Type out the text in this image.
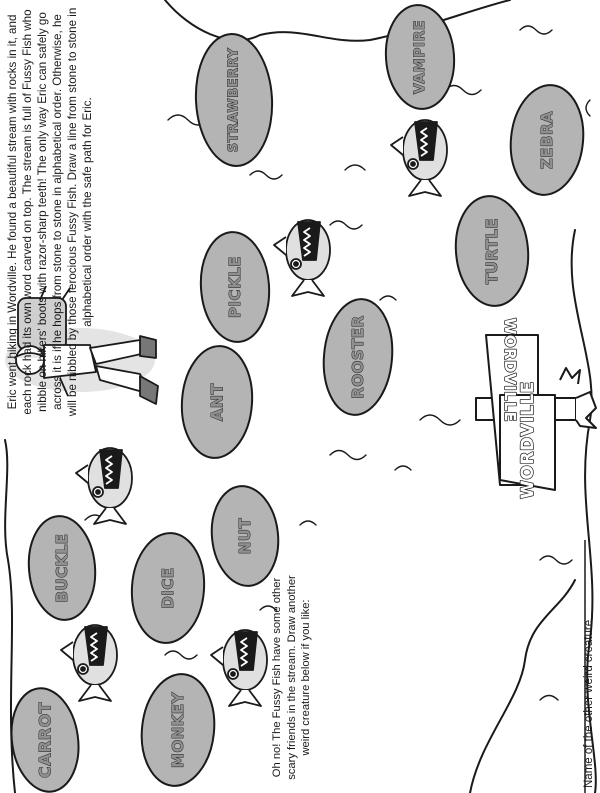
CARROT	MONKEY
BUCKLE	DICE
NUT
ANT
PICKLE
ROOSTER
STRAWBERRY
TURTLE
ZEBRA
VAMPIRE
WORDVILLE
WORDVILLE
Eric went hiking in Wordville. He found a beautiful stream with rocks in it, and each rock had its own word carved on top. The stream is full of Fussy Fish who nibble on hikers' boots with razor-sharp teeth! The only way Eric can safely go across it is if he hops from stone to stone in alphabetical order. Otherwise, he will be nibbled by those ferocious Fussy Fish. Draw a line from stone to stone in alphabetical order with the safe path for Eric.
Oh no! The Fussy Fish have some other scary friends in the stream. Draw another weird creature below if you like:	Name of the other weird creature
